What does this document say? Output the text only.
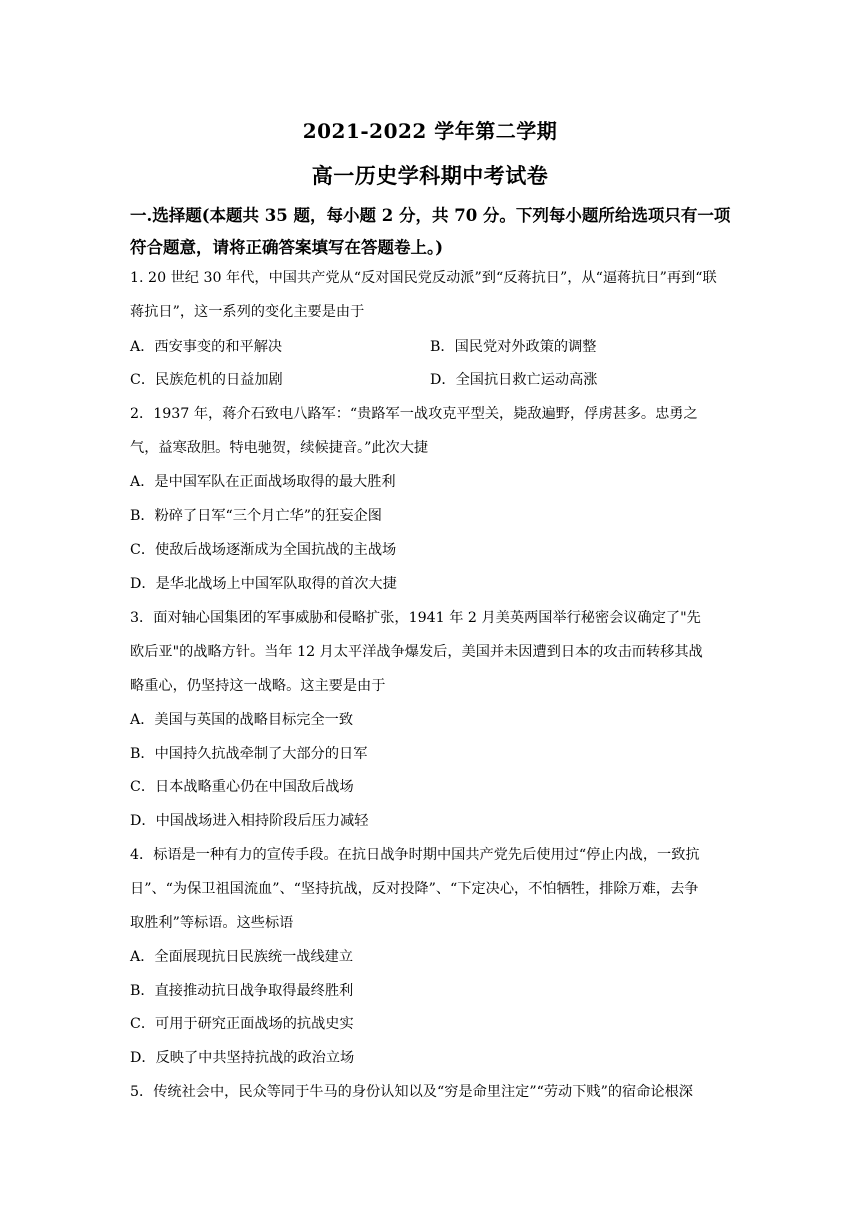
2021-2022 学年第二学期
高一历史学科期中考试卷
一.选择题(本题共 35 题，每小题 2 分，共 70 分。下列每小题所给选项只有一项
符合题意，请将正确答案填写在答题卷上。)
1. 20 世纪 30 年代，中国共产党从“反对国民党反动派”到“反蒋抗日”，从“逼蒋抗日”再到“联
蒋抗日”，这一系列的变化主要是由于
A．西安事变的和平解决	B．国民党对外政策的调整
C．民族危机的日益加剧	D．全国抗日救亡运动高涨
2．1937 年，蒋介石致电八路军：“贵路军一战攻克平型关，毙敌遍野，俘虏甚多。忠勇之
气，益寒敌胆。特电驰贺，续候捷音。”此次大捷
A．是中国军队在正面战场取得的最大胜利
B．粉碎了日军“三个月亡华”的狂妄企图
C．使敌后战场逐渐成为全国抗战的主战场
D．是华北战场上中国军队取得的首次大捷
3．面对轴心国集团的军事威胁和侵略扩张，1941 年 2 月美英两国举行秘密会议确定了"先
欧后亚"的战略方针。当年 12 月太平洋战争爆发后，美国并未因遭到日本的攻击而转移其战
略重心，仍坚持这一战略。这主要是由于
A．美国与英国的战略目标完全一致
B．中国持久抗战牵制了大部分的日军
C．日本战略重心仍在中国敌后战场
D．中国战场进入相持阶段后压力减轻
4．标语是一种有力的宣传手段。在抗日战争时期中国共产党先后使用过“停止内战，一致抗
日”、“为保卫祖国流血”、“坚持抗战，反对投降”、“下定决心，不怕牺牲，排除万难，去争
取胜利”等标语。这些标语
A．全面展现抗日民族统一战线建立
B．直接推动抗日战争取得最终胜利
C．可用于研究正面战场的抗战史实
D．反映了中共坚持抗战的政治立场
5．传统社会中，民众等同于牛马的身份认知以及“穷是命里注定”“劳动下贱”的宿命论根深
